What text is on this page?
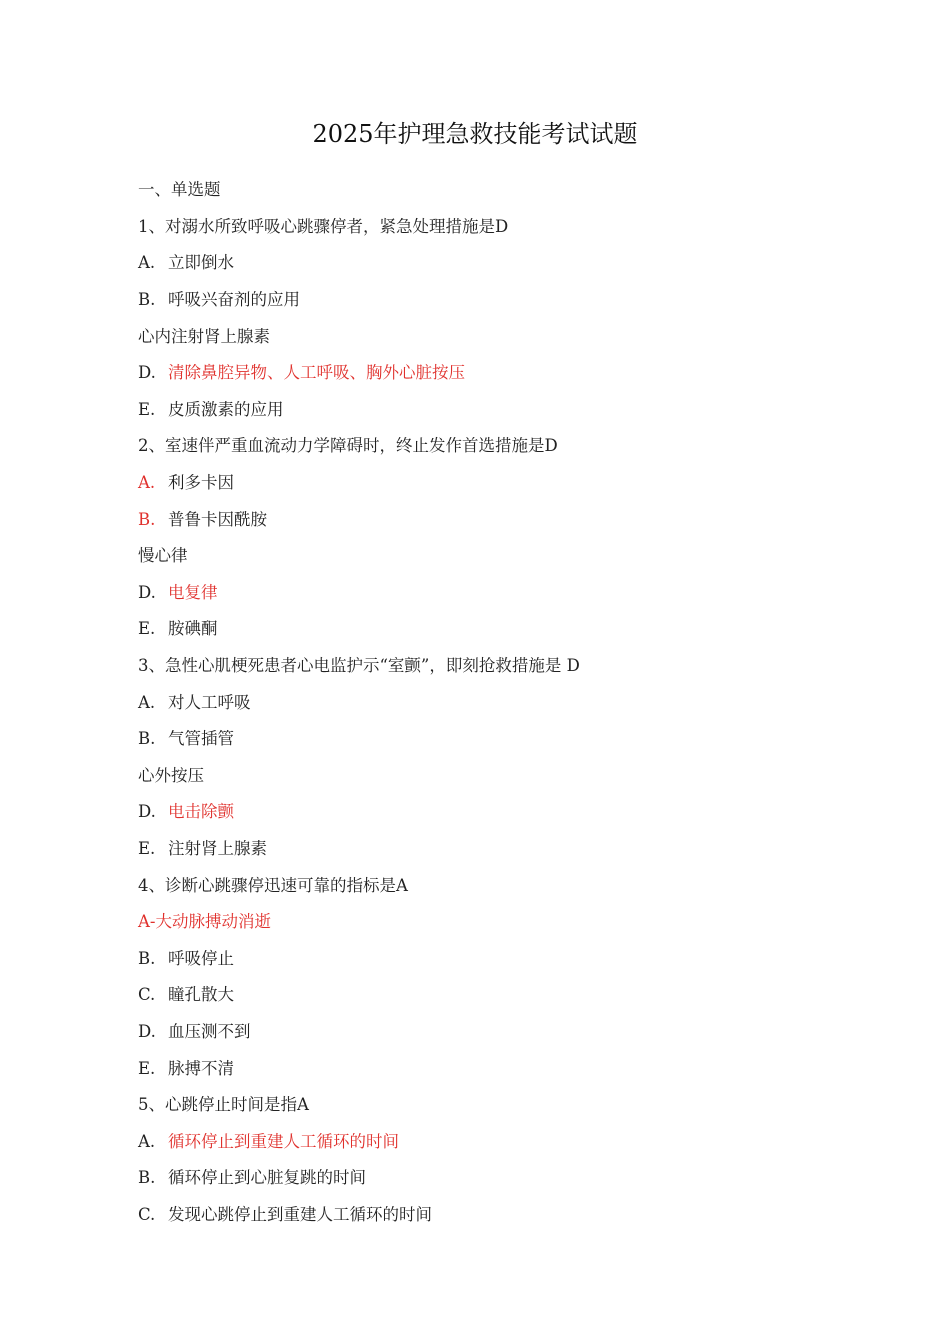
2025年护理急救技能考试试题
一、单选题
1、对溺水所致呼吸心跳骤停者，紧急处理措施是D
A. 立即倒水
B. 呼吸兴奋剂的应用
心内注射肾上腺素
D. 清除鼻腔异物、人工呼吸、胸外心脏按压
E. 皮质激素的应用
2、室速伴严重血流动力学障碍时，终止发作首选措施是D
A. 利多卡因
B. 普鲁卡因酰胺
慢心律
D. 电复律
E. 胺碘酮
3、急性心肌梗死患者心电监护示“室颤”，即刻抢救措施是 D
A. 对人工呼吸
B. 气管插管
心外按压
D. 电击除颤
E. 注射肾上腺素
4、诊断心跳骤停迅速可靠的指标是A
A-大动脉搏动消逝
B. 呼吸停止
C. 瞳孔散大
D. 血压测不到
E. 脉搏不清
5、心跳停止时间是指A
A. 循环停止到重建人工循环的时间
B. 循环停止到心脏复跳的时间
C. 发现心跳停止到重建人工循环的时间
